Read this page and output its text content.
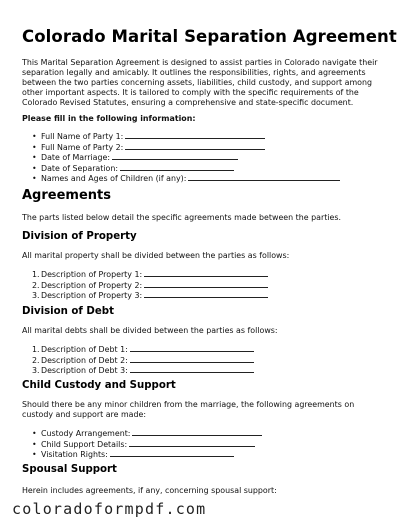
Colorado Marital Separation Agreement

This Marital Separation Agreement is designed to assist parties in Colorado navigate their separation legally and amicably. It outlines the responsibilities, rights, and agreements between the two parties concerning assets, liabilities, child custody, and support among other important aspects. It is tailored to comply with the specific requirements of the Colorado Revised Statutes, ensuring a comprehensive and state-specific document.

Please fill in the following information:
• Full Name of Party 1:
• Full Name of Party 2:
• Date of Marriage:
• Date of Separation:
• Names and Ages of Children (if any):
Agreements
The parts listed below detail the specific agreements made between the parties.
Division of Property
All marital property shall be divided between the parties as follows:
1.Description of Property 1:
2.Description of Property 2:
3.Description of Property 3:
Division of Debt
All marital debts shall be divided between the parties as follows:
1.Description of Debt 1:
2.Description of Debt 2:
3.Description of Debt 3:
Child Custody and Support

Should there be any minor children from the marriage, the following agreements on custody and support are made:

• Custody Arrangement:
• Child Support Details:
• Visitation Rights:
Spousal Support
Herein includes agreements, if any, concerning spousal support:
coloradoformpdf.com
